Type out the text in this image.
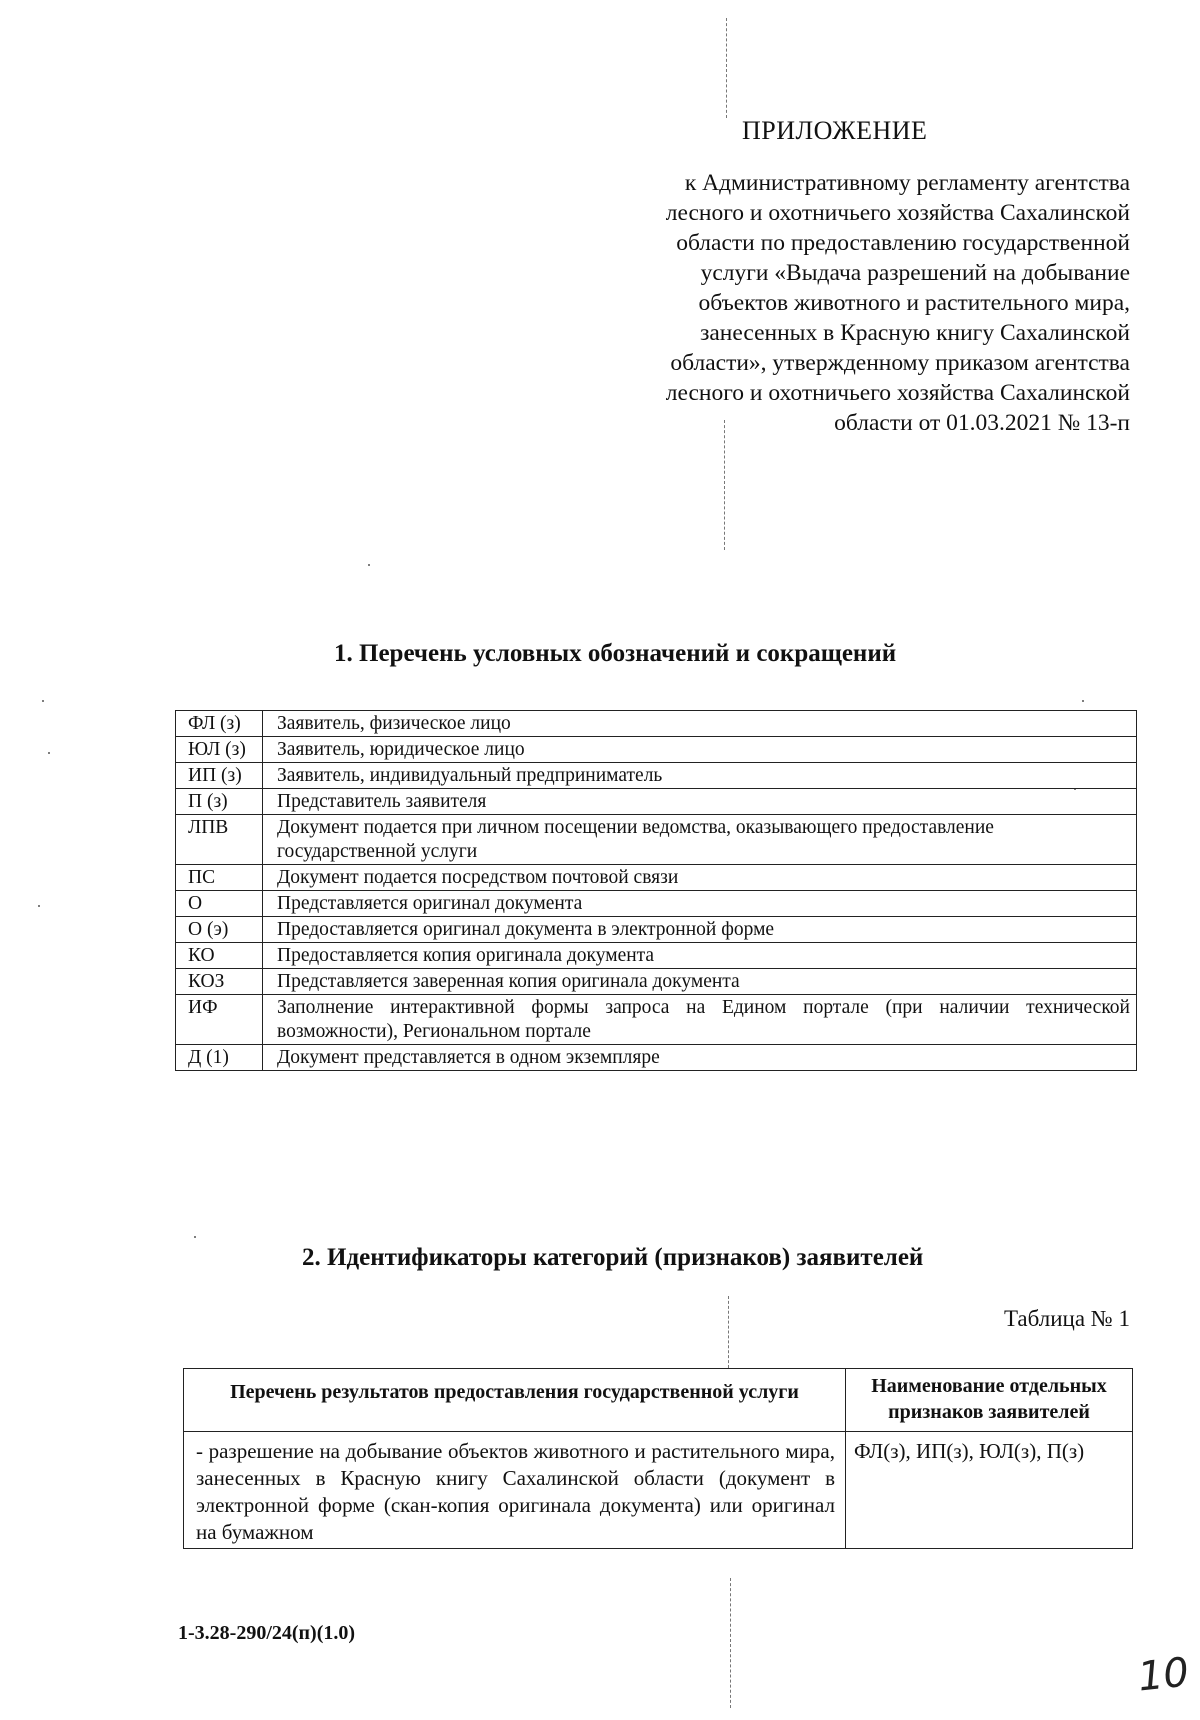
ПРИЛОЖЕНИЕ
к Административному регламенту агентства
лесного и охотничьего хозяйства Сахалинской
области по предоставлению государственной
услуги «Выдача разрешений на добывание
объектов животного и растительного мира,
занесенных в Красную книгу Сахалинской
области», утвержденному приказом агентства
лесного и охотничьего хозяйства Сахалинской
области от 01.03.2021 № 13-п
1. Перечень условных обозначений и сокращений
ФЛ (з)	Заявитель, физическое лицо
ЮЛ (з)	Заявитель, юридическое лицо
ИП (з)	Заявитель, индивидуальный предприниматель
П (з)	Представитель заявителя
ЛПВ	Документ подается при личном посещении ведомства, оказывающего предоставление государственной услуги
ПС	Документ подается посредством почтовой связи
О	Представляется оригинал документа
О (э)	Предоставляется оригинал документа в электронной форме
КО	Предоставляется копия оригинала документа
КОЗ	Представляется заверенная копия оригинала документа
ИФ	Заполнение интерактивной формы запроса на Едином портале (при наличии технической возможности), Региональном портале
Д (1)	Документ представляется в одном экземпляре
2. Идентификаторы категорий (признаков) заявителей
Таблица № 1
Перечень результатов предоставления государственной услуги	Наименование отдельных признаков заявителей
- разрешение на добывание объектов животного и растительного мира, занесенных в Красную книгу Сахалинской области (документ в электронной форме (скан-копия оригинала документа) или оригинал на бумажном	ФЛ(з), ИП(з), ЮЛ(з), П(з)
1-3.28-290/24(п)(1.0)
10
